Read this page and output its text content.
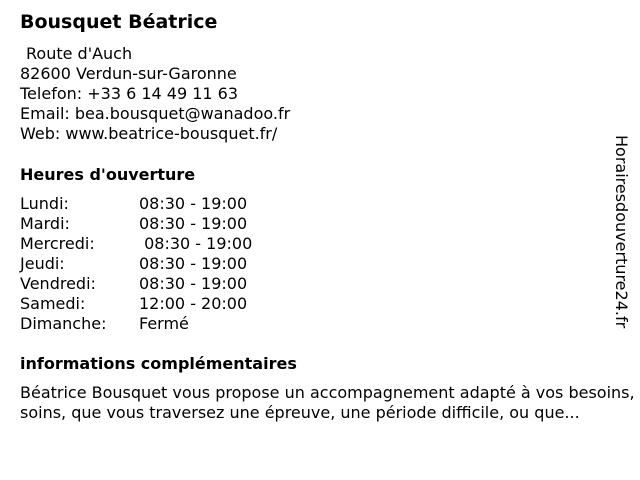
Bousquet Béatrice
Route d'Auch
82600 Verdun-sur-Garonne
Telefon: +33 6 14 49 11 63
Email: bea.bousquet@wanadoo.fr
Web: www.beatrice-bousquet.fr/
Heures d'ouverture
Lundi:	08:30 - 19:00
Mardi:	08:30 - 19:00
Mercredi:	08:30 - 19:00
Jeudi:	08:30 - 19:00
Vendredi:	08:30 - 19:00
Samedi:	12:00 - 20:00
Dimanche:	Fermé
informations complémentaires
Béatrice Bousquet vous propose un accompagnement adapté à vos besoins,
soins, que vous traversez une épreuve, une période difficile, ou que...
Horairesdouverture24.fr
